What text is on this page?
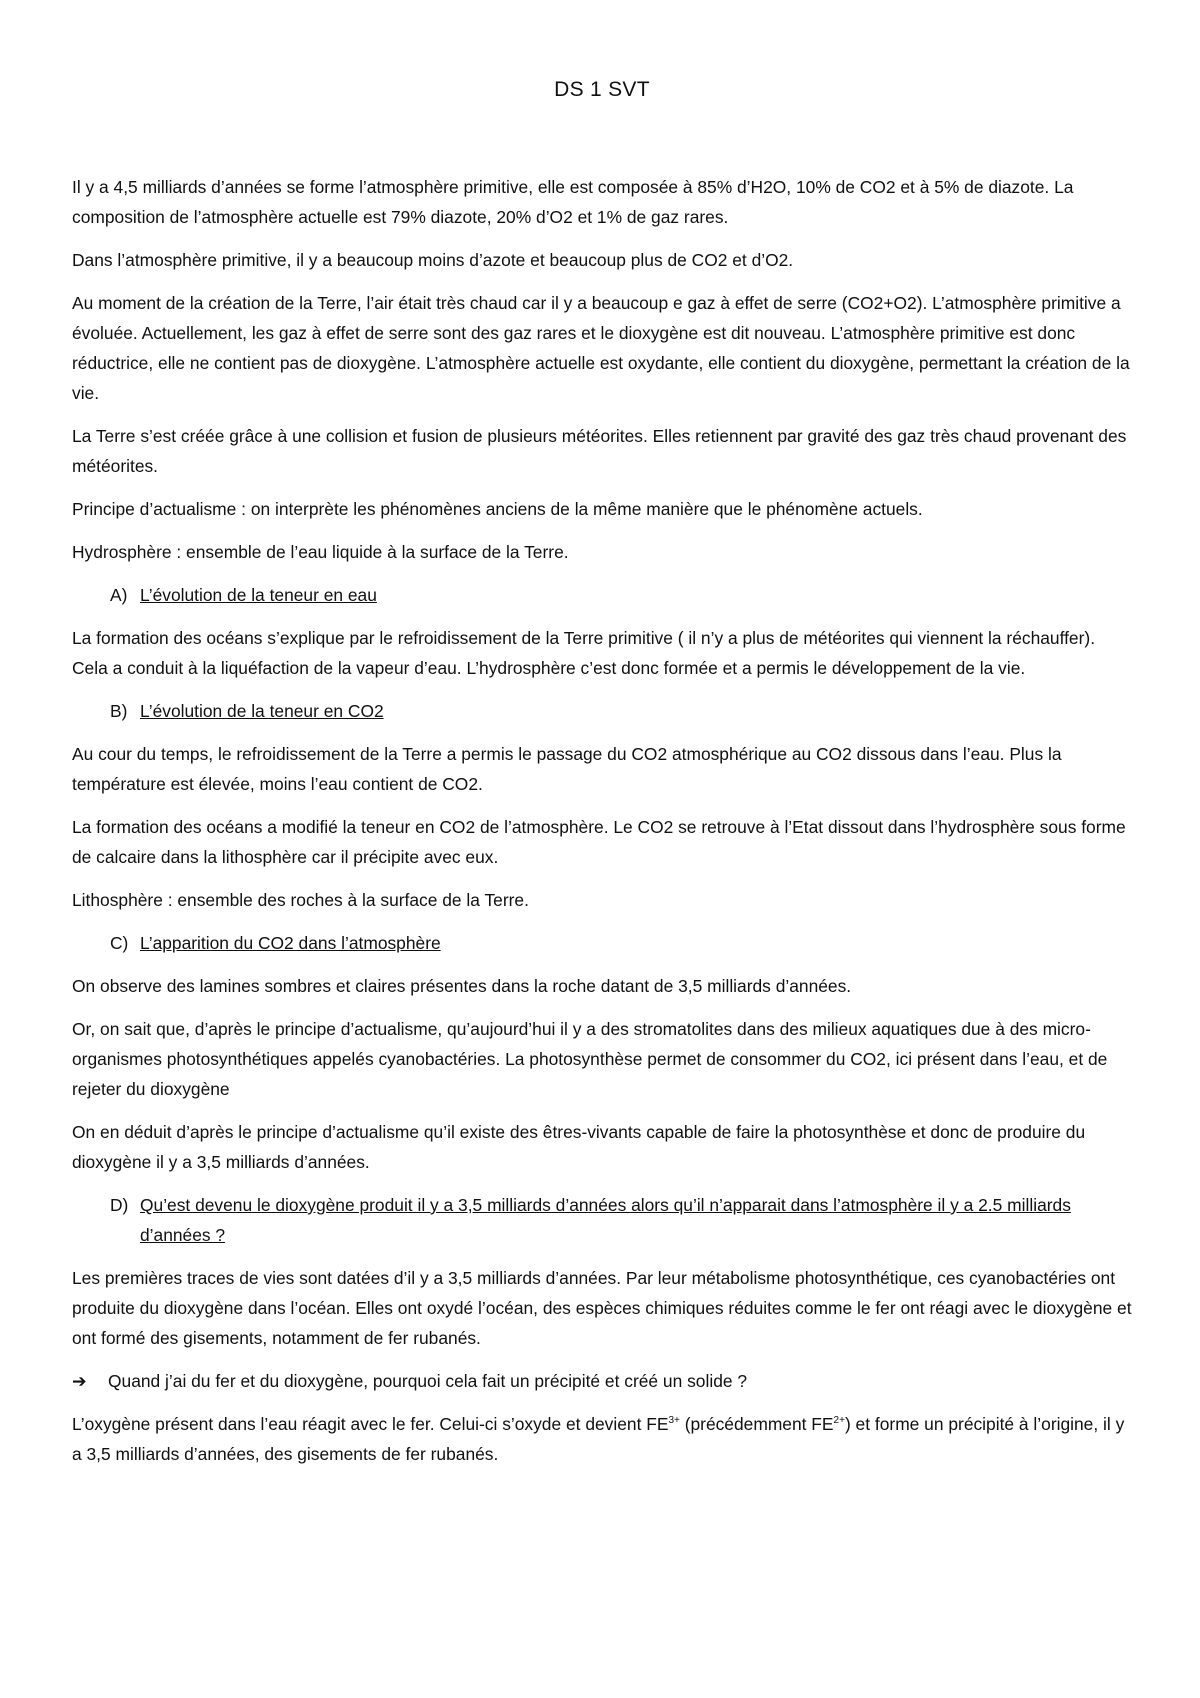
DS 1 SVT

Il y a 4,5 milliards d’années se forme l’atmosphère primitive, elle est composée à 85% d’H2O, 10% de CO2 et à 5% de diazote. La composition de l’atmosphère actuelle est 79% diazote, 20% d’O2 et 1% de gaz rares.

Dans l’atmosphère primitive, il y a beaucoup moins d’azote et beaucoup plus de CO2 et d’O2.

Au moment de la création de la Terre, l’air était très chaud car il y a beaucoup e gaz à effet de serre (CO2+O2). L’atmosphère primitive a évoluée. Actuellement, les gaz à effet de serre sont des gaz rares et le dioxygène est dit nouveau. L’atmosphère primitive est donc réductrice, elle ne contient pas de dioxygène. L’atmosphère actuelle est oxydante, elle contient du dioxygène, permettant la création de la vie.

La Terre s’est créée grâce à une collision et fusion de plusieurs météorites. Elles retiennent par gravité des gaz très chaud provenant des météorites.

Principe d’actualisme : on interprète les phénomènes anciens de la même manière que le phénomène actuels.

Hydrosphère : ensemble de l’eau liquide à la surface de la Terre.

A) L’évolution de la teneur en eau

La formation des océans s’explique par le refroidissement de la Terre primitive ( il n’y a plus de météorites qui viennent la réchauffer). Cela a conduit à la liquéfaction de la vapeur d’eau. L’hydrosphère c’est donc formée et a permis le développement de la vie.

B) L’évolution de la teneur en CO2

Au cour du temps, le refroidissement de la Terre a permis le passage du CO2 atmosphérique au CO2 dissous dans l’eau. Plus la température est élevée, moins l’eau contient de CO2.

La formation des océans a modifié la teneur en CO2 de l’atmosphère. Le CO2 se retrouve à l’Etat dissout dans l’hydrosphère sous forme de calcaire dans la lithosphère car il précipite avec eux.

Lithosphère : ensemble des roches à la surface de la Terre.

C) L’apparition du CO2 dans l’atmosphère

On observe des lamines sombres et claires présentes dans la roche datant de 3,5 milliards d’années.

Or, on sait que, d’après le principe d’actualisme, qu’aujourd’hui il y a des stromatolites dans des milieux aquatiques due à des micro-organismes photosynthétiques appelés cyanobactéries. La photosynthèse permet de consommer du CO2, ici présent dans l’eau, et de rejeter du dioxygène

On en déduit d’après le principe d’actualisme qu’il existe des êtres-vivants capable de faire la photosynthèse et donc de produire du dioxygène il y a 3,5 milliards d’années.

D) Qu’est devenu le dioxygène produit il y a 3,5 milliards d’années alors qu’il n’apparait dans l’atmosphère il y a 2.5 milliards d’années ?

Les premières traces de vies sont datées d’il y a 3,5 milliards d’années. Par leur métabolisme photosynthétique, ces cyanobactéries ont produite du dioxygène dans l’océan. Elles ont oxydé l’océan, des espèces chimiques réduites comme le fer ont réagi avec le dioxygène et ont formé des gisements, notamment de fer rubanés.

➔	Quand j’ai du fer et du dioxygène, pourquoi cela fait un précipité et créé un solide ?

L’oxygène présent dans l’eau réagit avec le fer. Celui-ci s’oxyde et devient $FE^{3+}$ (précédemment $FE^{2+}$) et forme un précipité à l’origine, il y a 3,5 milliards d’années, des gisements de fer rubanés.
